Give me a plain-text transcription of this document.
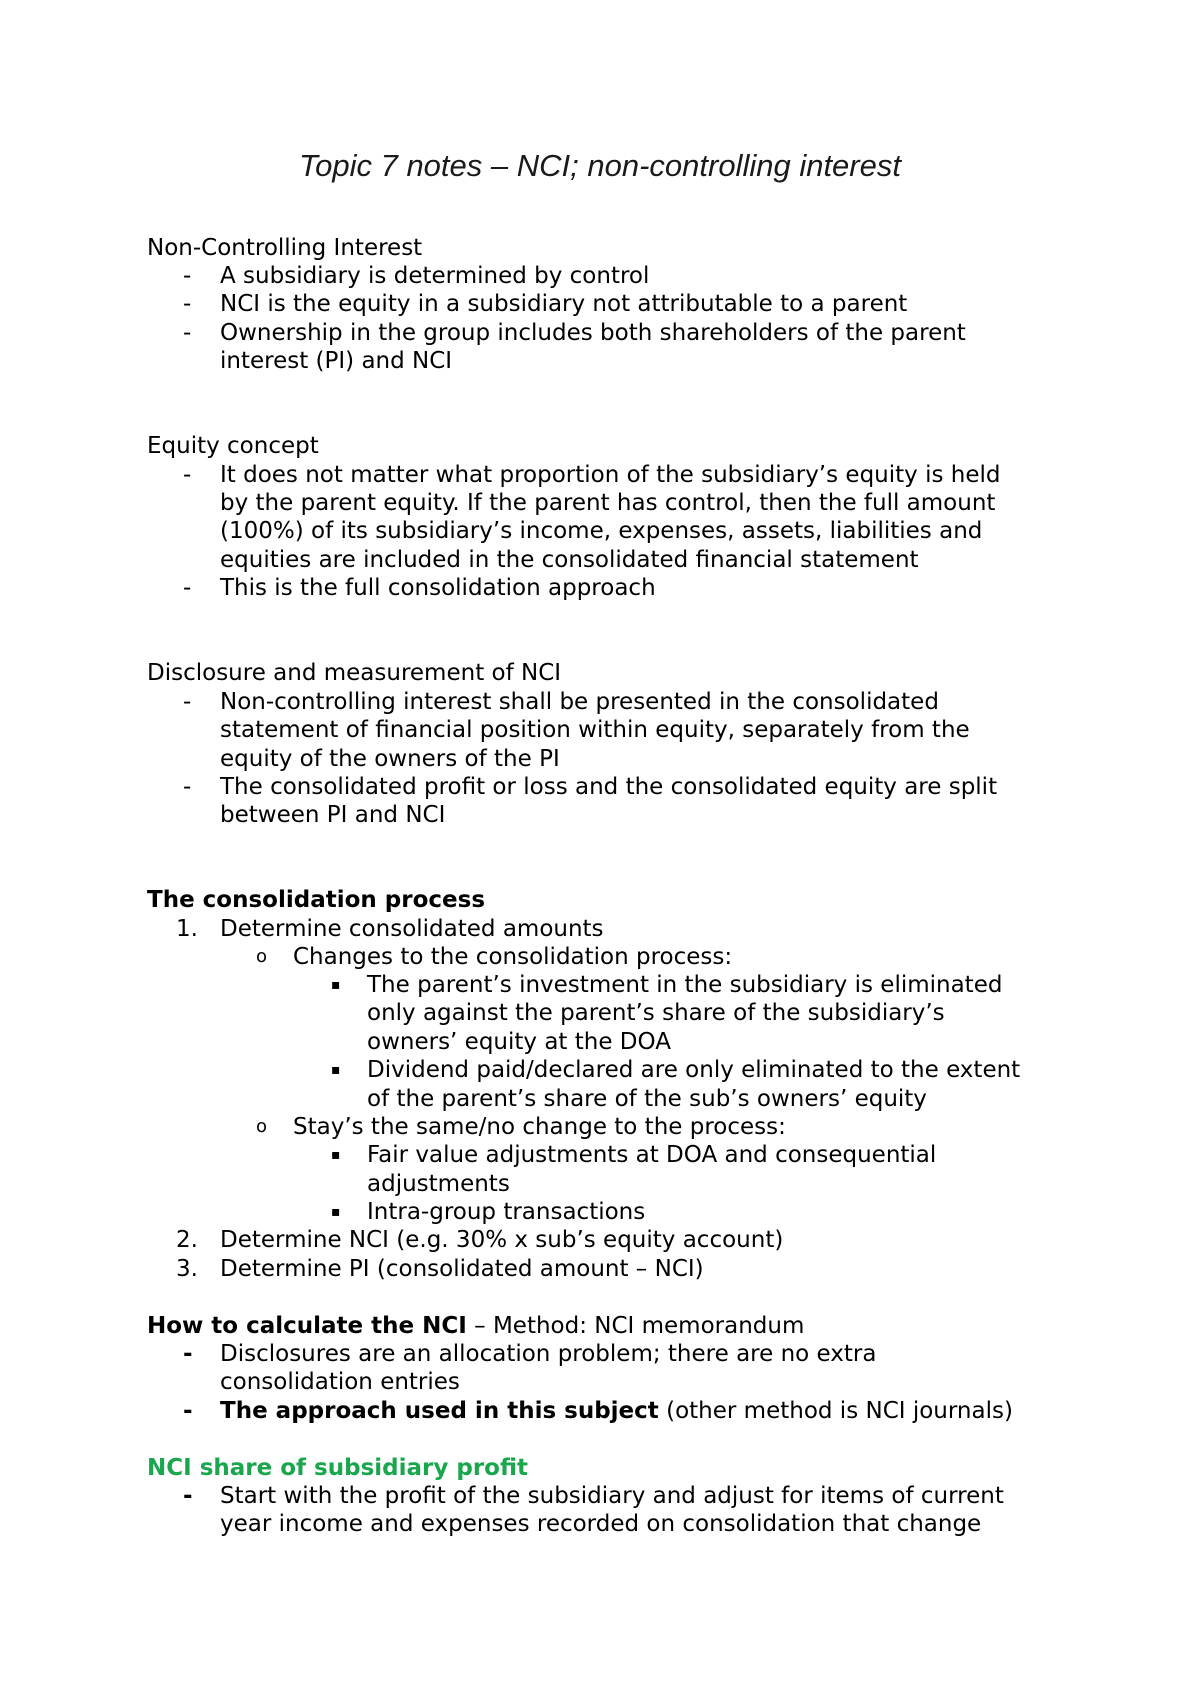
Topic 7 notes – NCI; non-controlling interest
Non-Controlling Interest
- A subsidiary is determined by control
- NCI is the equity in a subsidiary not attributable to a parent
- Ownership in the group includes both shareholders of the parent
interest (PI) and NCI
Equity concept
- It does not matter what proportion of the subsidiary’s equity is held
by the parent equity. If the parent has control, then the full amount
(100%) of its subsidiary’s income, expenses, assets, liabilities and
equities are included in the consolidated financial statement
- This is the full consolidation approach
Disclosure and measurement of NCI
- Non-controlling interest shall be presented in the consolidated
statement of financial position within equity, separately from the
equity of the owners of the PI
- The consolidated profit or loss and the consolidated equity are split
between PI and NCI
The consolidation process
1. Determine consolidated amounts
o Changes to the consolidation process:
▪ The parent’s investment in the subsidiary is eliminated
only against the parent’s share of the subsidiary’s
owners’ equity at the DOA
▪ Dividend paid/declared are only eliminated to the extent
of the parent’s share of the sub’s owners’ equity
o Stay’s the same/no change to the process:
▪ Fair value adjustments at DOA and consequential
adjustments
▪ Intra-group transactions
2. Determine NCI (e.g. 30% x sub’s equity account)
3. Determine PI (consolidated amount – NCI)
How to calculate the NCI – Method: NCI memorandum
- Disclosures are an allocation problem; there are no extra
consolidation entries
- The approach used in this subject (other method is NCI journals)
NCI share of subsidiary profit
- Start with the profit of the subsidiary and adjust for items of current
year income and expenses recorded on consolidation that change
